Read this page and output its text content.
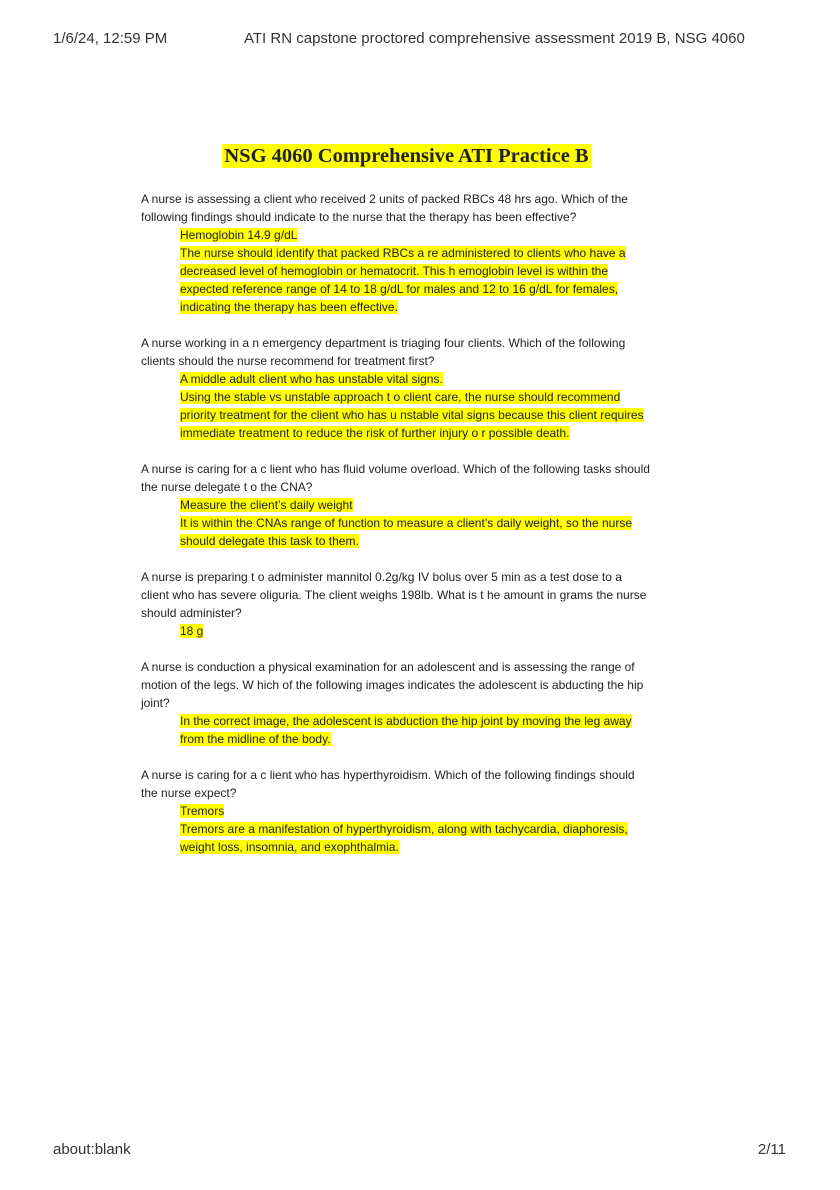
1/6/24, 12:59 PM	ATI RN capstone proctored comprehensive assessment 2019 B, NSG 4060
NSG 4060 Comprehensive ATI Practice B
A nurse is assessing a client who received 2 units of packed RBCs 48 hrs ago. Which of the
following findings should indicate to the nurse that the therapy has been effective?
Hemoglobin 14.9 g/dL
The nurse should identify that packed RBCs a re administered to clients who have a
decreased level of hemoglobin or hematocrit. This h emoglobin level is within the
expected reference range of 14 to 18 g/dL for males and 12 to 16 g/dL for females,
indicating the therapy has been effective.
A nurse working in a n emergency department is triaging four clients. Which of the following
clients should the nurse recommend for treatment first?
A middle adult client who has unstable vital signs.
Using the stable vs unstable approach t o client care, the nurse should recommend
priority treatment for the client who has u nstable vital signs because this client requires
immediate treatment to reduce the risk of further injury o r possible death.
A nurse is caring for a c lient who has fluid volume overload. Which of the following tasks should
the nurse delegate t o the CNA?
Measure the client’s daily weight
It is within the CNAs range of function to measure a client’s daily weight, so the nurse
should delegate this task to them.
A nurse is preparing t o administer mannitol 0.2g/kg IV bolus over 5 min as a test dose to a
client who has severe oliguria. The client weighs 198lb. What is t he amount in grams the nurse
should administer?
18 g
A nurse is conduction a physical examination for an adolescent and is assessing the range of
motion of the legs. W hich of the following images indicates the adolescent is abducting the hip
joint?
In the correct image, the adolescent is abduction the hip joint by moving the leg away
from the midline of the body.
A nurse is caring for a c lient who has hyperthyroidism. Which of the following findings should
the nurse expect?
Tremors
Tremors are a manifestation of hyperthyroidism, along with tachycardia, diaphoresis,
weight loss, insomnia, and exophthalmia.
about:blank	2/11
